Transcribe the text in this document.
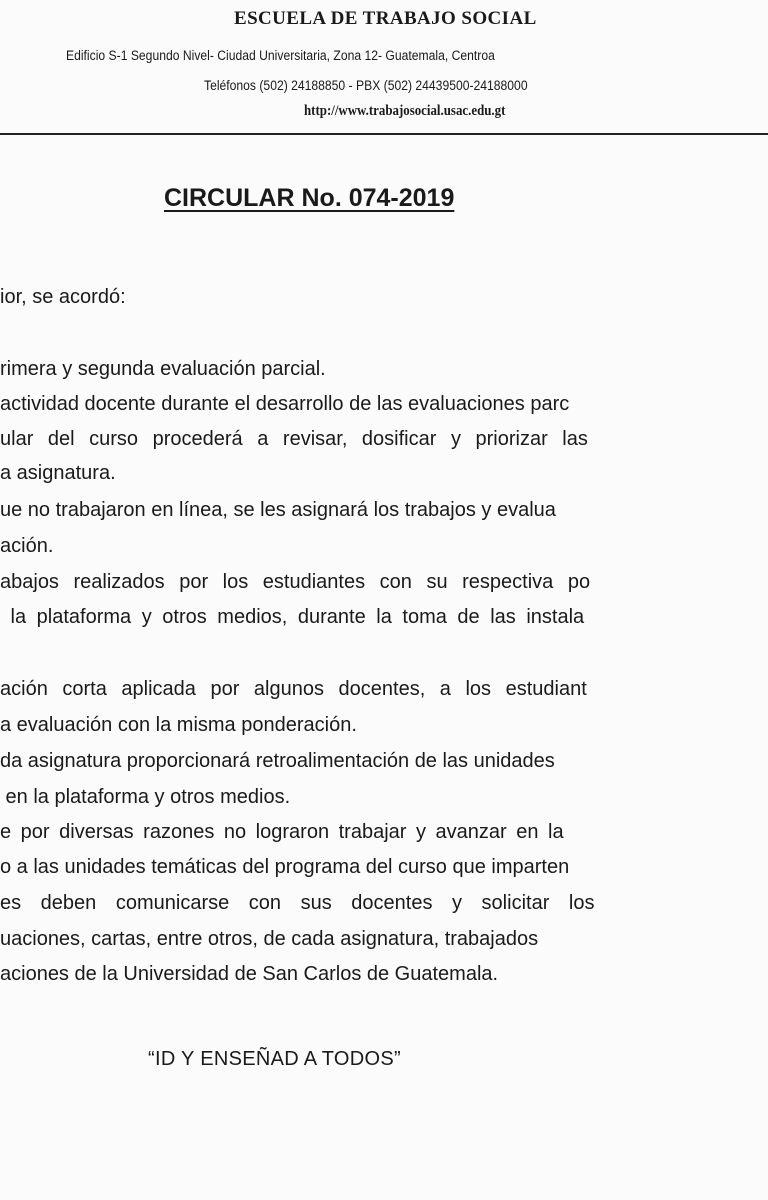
ESCUELA DE TRABAJO SOCIAL
Edificio S-1 Segundo Nivel- Ciudad Universitaria, Zona 12- Guatemala, Centroa
Teléfonos (502) 24188850 - PBX (502) 24439500-24188000
http://www.trabajosocial.usac.edu.gt
CIRCULAR No. 074-2019
ior, se acordó:
rimera y segunda evaluación parcial.
actividad docente durante el desarrollo de las evaluaciones parc
ular del curso procederá a revisar, dosificar y priorizar las
a asignatura.
ue no trabajaron en línea, se les asignará los trabajos y evalua
ación.
abajos realizados por los estudiantes con su respectiva po
la plataforma y otros medios, durante la toma de las instala
ación corta aplicada por algunos docentes, a los estudiant
a evaluación con la misma ponderación.
da asignatura proporcionará retroalimentación de las unidades
en la plataforma y otros medios.
e por diversas razones no lograron trabajar y avanzar en la
o a las unidades temáticas del programa del curso que imparten
es deben comunicarse con sus docentes y solicitar los
uaciones, cartas, entre otros, de cada asignatura, trabajados
aciones de la Universidad de San Carlos de Guatemala.
“ID Y ENSEÑAD A TODOS”
